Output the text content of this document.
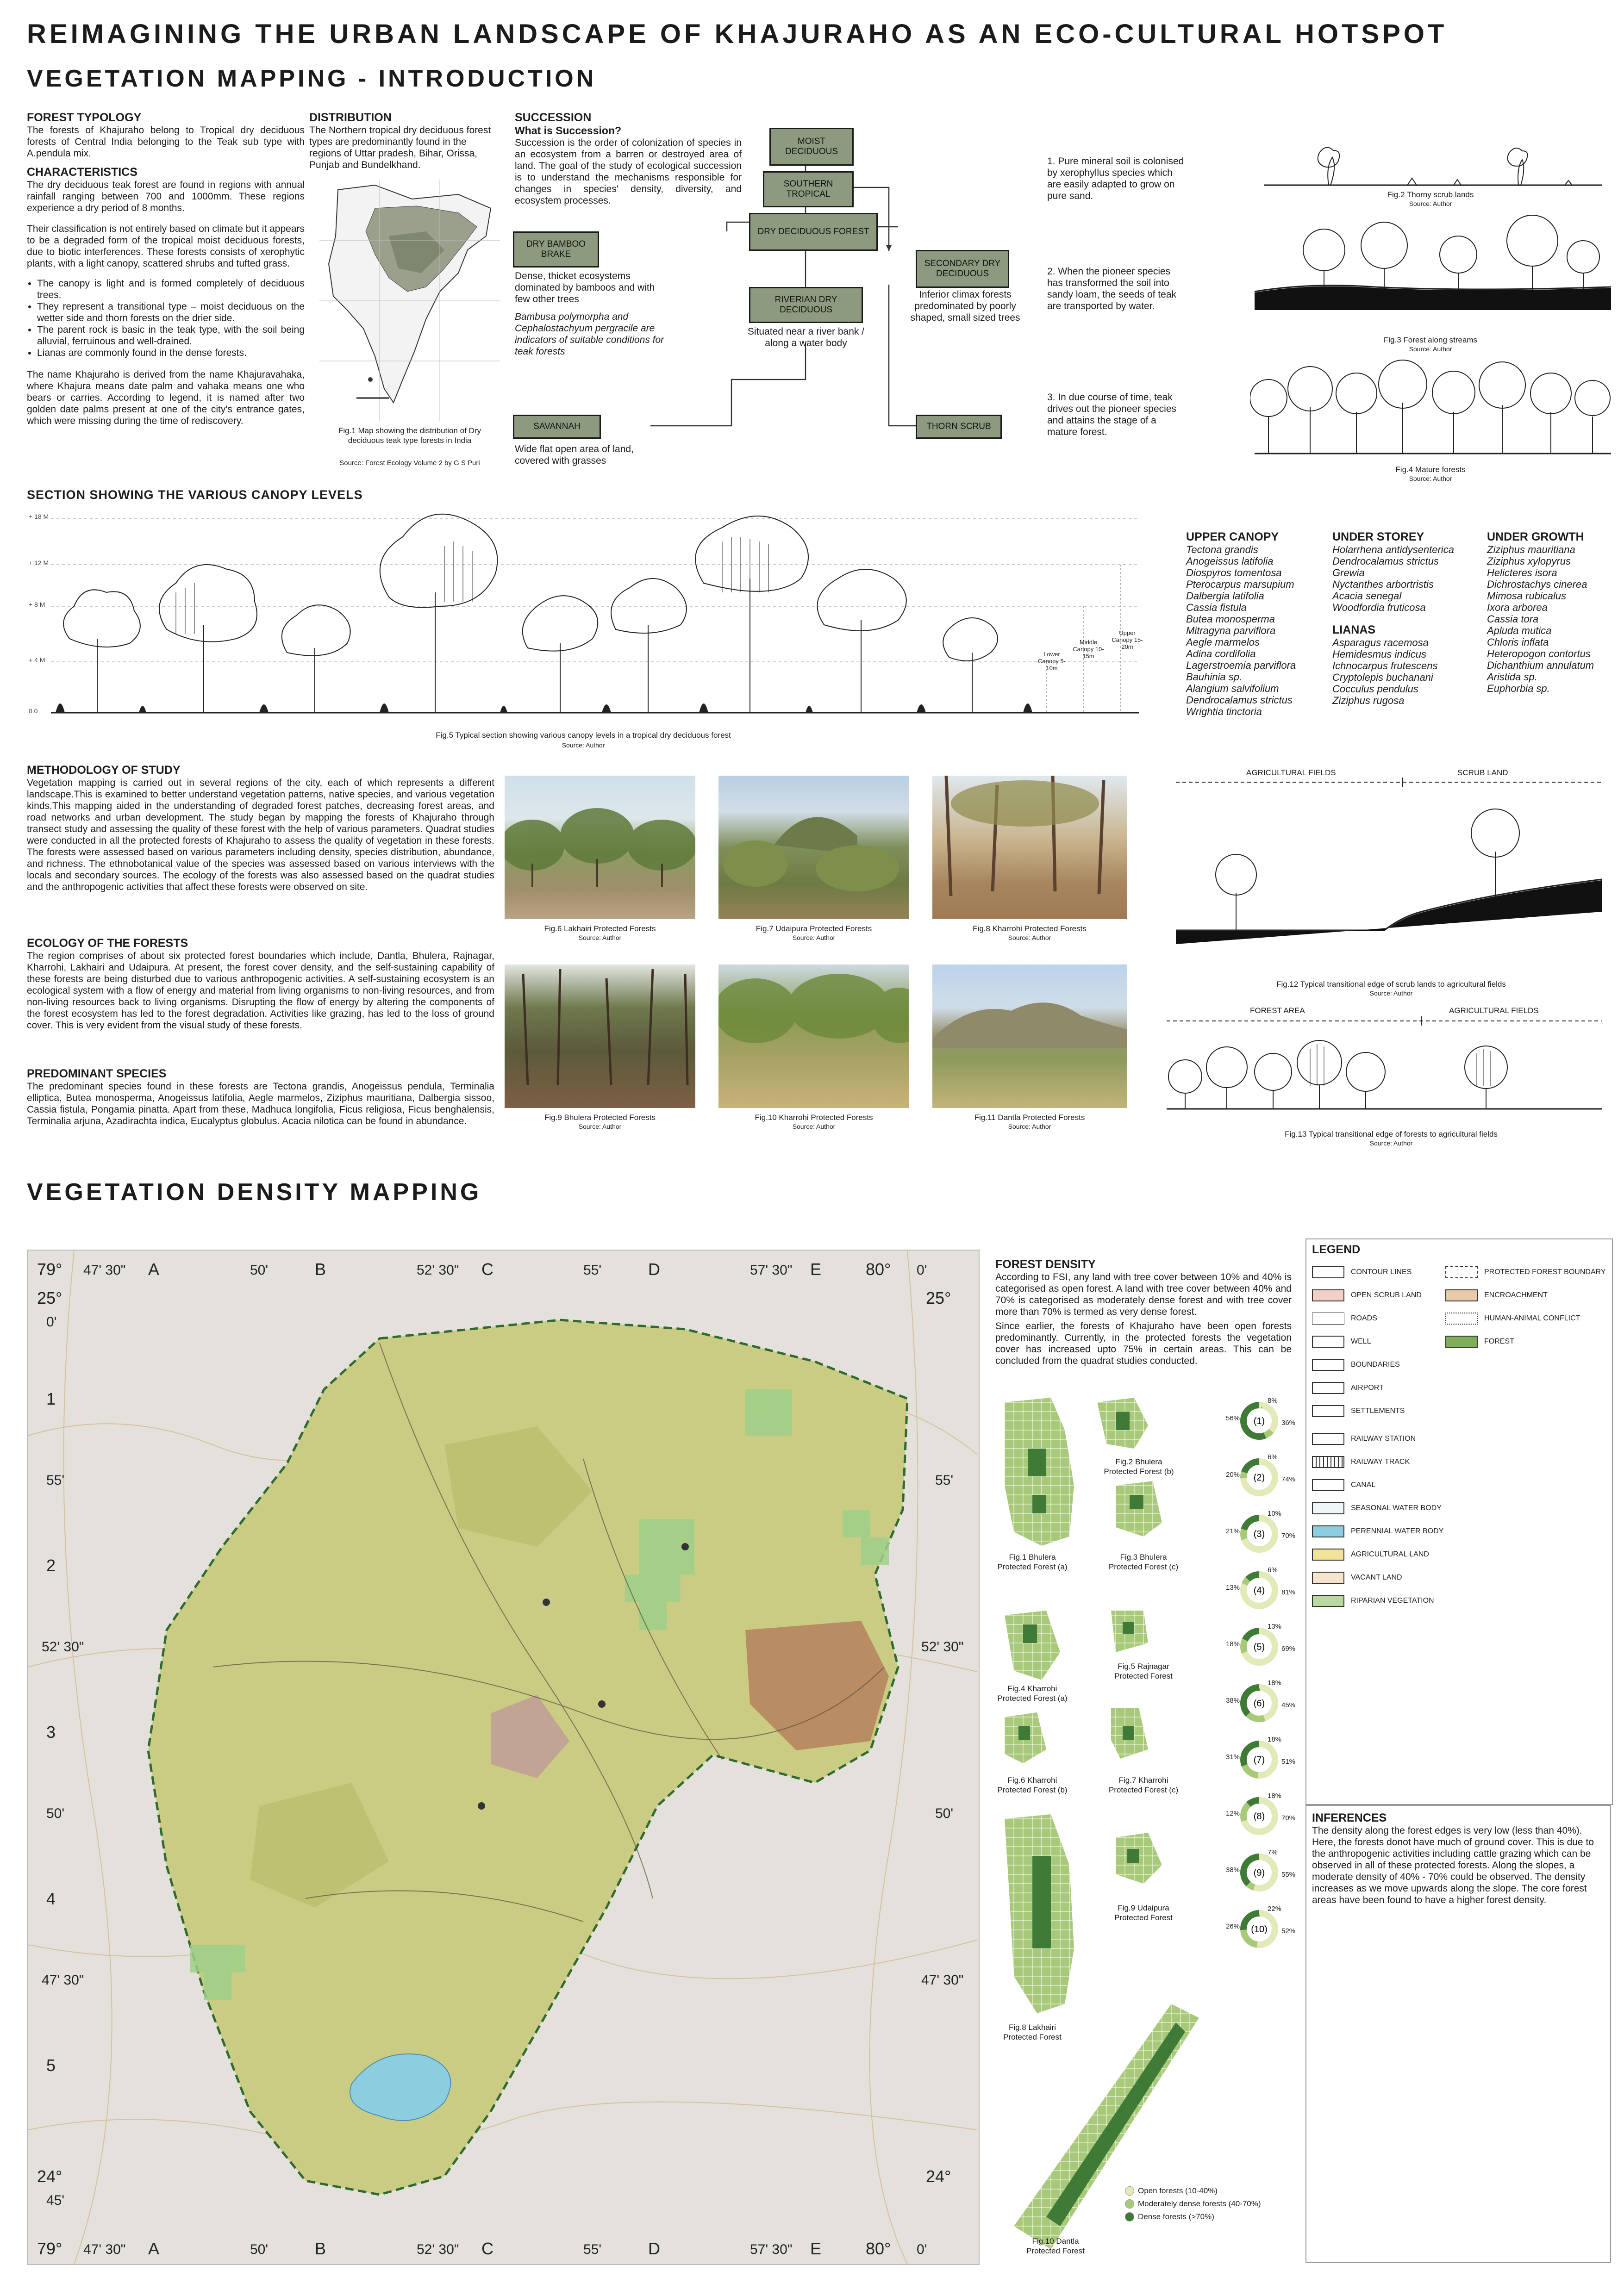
REIMAGINING THE URBAN LANDSCAPE OF KHAJURAHO AS AN ECO-CULTURAL HOTSPOT
VEGETATION MAPPING - INTRODUCTION
FOREST TYPOLOGY
The forests of Khajuraho belong to Tropical dry deciduous forests of Central India belonging to the Teak sub type with A.pendula mix.
CHARACTERISTICS
The dry deciduous teak forest are found in regions with annual rainfall ranging between 700 and 1000mm. These regions experience a dry period of 8 months.
Their classification is not entirely based on climate but it appears to be a degraded form of the tropical moist deciduous forests, due to biotic interferences. These forests consists of xerophytic plants, with a light canopy, scattered shrubs and tufted grass.
• The canopy is light and is formed completely of deciduous trees.
• They represent a transitional type – moist deciduous on the wetter side and thorn forests on the drier side.
• The parent rock is basic in the teak type, with the soil being alluvial, ferruinous and well-drained.
• Lianas are commonly found in the dense forests.
The name Khajuraho is derived from the name Khajuravahaka, where Khajura means date palm and vahaka means one who bears or carries. According to legend, it is named after two golden date palms present at one of the city's entrance gates, which were missing during the time of rediscovery.
DISTRIBUTION
The Northern tropical dry deciduous forest types are predominantly found in the regions of Uttar pradesh, Bihar, Orissa, Punjab and Bundelkhand.
Fig.1 Map showing the distribution of Dry deciduous teak type forests in India
Source: Forest Ecology Volume 2 by G S Puri
SUCCESSION
What is Succession?
Succession is the order of colonization of species in an ecosystem from a barren or destroyed area of land. The goal of the study of ecological succession is to understand the mechanisms responsible for changes in species' density, diversity, and ecosystem processes.
MOIST DECIDUOUS
SOUTHERN TROPICAL
DRY BAMBOO BRAKE
DRY DECIDUOUS FOREST
SECONDARY DRY DECIDUOUS
RIVERIAN DRY DECIDUOUS
SAVANNAH	THORN SCRUB
Dense, thicket ecosystems dominated by bamboos and with few other trees
Bambusa polymorpha and Cephalostachyum pergracile are indicators of suitable conditions for teak forests
Situated near a river bank / along a water body
Inferior climax forests predominated by poorly shaped, small sized trees
Wide flat open area of land, covered with grasses
1. Pure mineral soil is colonised by xerophyllus species which are easily adapted to grow on pure sand.
2. When the pioneer species has transformed the soil into sandy loam, the seeds of teak are transported by water.
3. In due course of time, teak drives out the pioneer species and attains the stage of a mature forest.
Fig.2 Thorny scrub lands
Source: Author
Fig.3 Forest along streams
Source: Author
Fig.4 Mature forests
Source: Author
SECTION SHOWING THE VARIOUS CANOPY LEVELS
+ 18 M
+ 12 M
+ 8 M
+ 4 M
0.0
Lower Canopy 5-10m
Middle Canopy 10-15m
Upper Canopy 15-20m
Fig.5 Typical section showing various canopy levels in a tropical dry deciduous forest
Source: Author
UPPER CANOPY
Tectona grandis
Anogeissus latifolia
Diospyros tomentosa
Pterocarpus marsupium
Dalbergia latifolia
Cassia fistula
Butea monosperma
Mitragyna parviflora
Aegle marmelos
Adina cordifolia
Lagerstroemia parviflora
Bauhinia sp.
Alangium salvifolium
Dendrocalamus strictus
Wrightia tinctoria
UNDER STOREY
Holarrhena antidysenterica
Dendrocalamus strictus
Grewia
Nyctanthes arbortristis
Acacia senegal
Woodfordia fruticosa
LIANAS
Asparagus racemosa
Hemidesmus indicus
Ichnocarpus frutescens
Cryptolepis buchanani
Cocculus pendulus
Ziziphus rugosa
UNDER GROWTH
Ziziphus mauritiana
Ziziphus xylopyrus
Helicteres isora
Dichrostachys cinerea
Mimosa rubicalus
Ixora arborea
Cassia tora
Apluda mutica
Chloris inflata
Heteropogon contortus
Dichanthium annulatum
Aristida sp.
Euphorbia sp.
METHODOLOGY OF STUDY
Vegetation mapping is carried out in several regions of the city, each of which represents a different landscape.This is examined to better understand vegetation patterns, native species, and various vegetation kinds.This mapping aided in the understanding of degraded forest patches, decreasing forest areas, and road networks and urban development. The study began by mapping the forests of Khajuraho through transect study and assessing the quality of these forest with the help of various parameters. Quadrat studies were conducted in all the protected forests of Khajuraho to assess the quality of vegetation in these forests. The forests were assessed based on various parameters including density, species distribution, abundance, and richness. The ethnobotanical value of the species was assessed based on various interviews with the locals and secondary sources. The ecology of the forests was also assessed based on the quadrat studies and the anthropogenic activities that affect these forests were observed on site.
ECOLOGY OF THE FORESTS
The region comprises of about six protected forest boundaries which include, Dantla, Bhulera, Rajnagar, Kharrohi, Lakhairi and Udaipura. At present, the forest cover density, and the self-sustaining capability of these forests are being disturbed due to various anthropogenic activities. A self-sustaining ecosystem is an ecological system with a flow of energy and material from living organisms to non-living resources, and from non-living resources back to living organisms. Disrupting the flow of energy by altering the components of the forest ecosystem has led to the forest degradation. Activities like grazing, has led to the loss of ground cover. This is very evident from the visual study of these forests.
PREDOMINANT SPECIES
The predominant species found in these forests are Tectona grandis, Anogeissus pendula, Terminalia elliptica, Butea monosperma, Anogeissus latifolia, Aegle marmelos, Ziziphus mauritiana, Dalbergia sissoo, Cassia fistula, Pongamia pinatta. Apart from these, Madhuca longifolia, Ficus religiosa, Ficus benghalensis, Terminalia arjuna, Azadirachta indica, Eucalyptus globulus. Acacia nilotica can be found in abundance.
Fig.6 Lakhairi Protected Forests
Source: Author
Fig.7 Udaipura Protected Forests
Source: Author
Fig.8 Kharrohi Protected Forests
Source: Author
Fig.9 Bhulera Protected Forests
Source: Author
Fig.10 Kharrohi Protected Forests
Source: Author
Fig.11 Dantla Protected Forests
Source: Author
AGRICULTURAL FIELDS	SCRUB LAND
Fig.12 Typical transitional edge of scrub lands to agricultural fields
Source: Author
FOREST AREA	AGRICULTURAL FIELDS
Fig.13 Typical transitional edge of forests to agricultural fields
Source: Author
VEGETATION DENSITY MAPPING
79° 47' 30" A	50'	B	52' 30" C	55'	D	57' 30" E	80° 0'
25°
0'
1
55'
2
52' 30"
3
50'
4
47' 30"
5
24°
45'
25°
55'
52' 30"
50'
47' 30"
24°
79° 47' 30" A	50'	B	52' 30" C	55'	D	57' 30" E	80° 0'
FOREST DENSITY
According to FSI, any land with tree cover between 10% and 40% is categorised as open forest. A land with tree cover between 40% and 70% is categorised as moderately dense forest and with tree cover more than 70% is termed as very dense forest.
Since earlier, the forests of Khajuraho have been open forests predominantly. Currently, in the protected forests the vegetation cover has increased upto 75% in certain areas. This can be concluded from the quadrat studies conducted.
Fig.2 Bhulera Protected Forest (b)
Fig.1 Bhulera Protected Forest (a)
Fig.3 Bhulera Protected Forest (c)
Fig.4 Kharrohi Protected Forest (a)
Fig.5 Rajnagar Protected Forest
Fig.6 Kharrohi Protected Forest (b)
Fig.7 Kharrohi Protected Forest (c)
Fig.8 Lakhairi Protected Forest
Fig.9 Udaipura Protected Forest
Fig.10 Dantla Protected Forest
Open forests (10-40%)
Moderately dense forests (40-70%)
Dense forests (>70%)
(1)
(2)
(3)
(4)
(5)
(6)
(7)
(8)
(9)
(10)
8%
56%
36%
6%
20%
74%
10%
21%
70%
6%
13%
81%
13%
18%
69%
18%
38%
45%
18%
31%
51%
18%
12%
70%
7%
38%
55%
22%
26%
52%
LEGEND
CONTOUR LINES
OPEN SCRUB LAND
ROADS
WELL
BOUNDARIES
AIRPORT
SETTLEMENTS
RAILWAY STATION
RAILWAY TRACK
CANAL
SEASONAL WATER BODY
PERENNIAL WATER BODY
AGRICULTURAL LAND
VACANT LAND
RIPARIAN VEGETATION
PROTECTED FOREST BOUNDARY
ENCROACHMENT
HUMAN-ANIMAL CONFLICT
FOREST
INFERENCES
The density along the forest edges is very low (less than 40%). Here, the forests donot have much of ground cover. This is due to the anthropogenic activities including cattle grazing which can be observed in all of these protected forests. Along the slopes, a moderate density of 40% - 70% could be observed. The density increases as we move upwards along the slope. The core forest areas have been found to have a higher forest density.
